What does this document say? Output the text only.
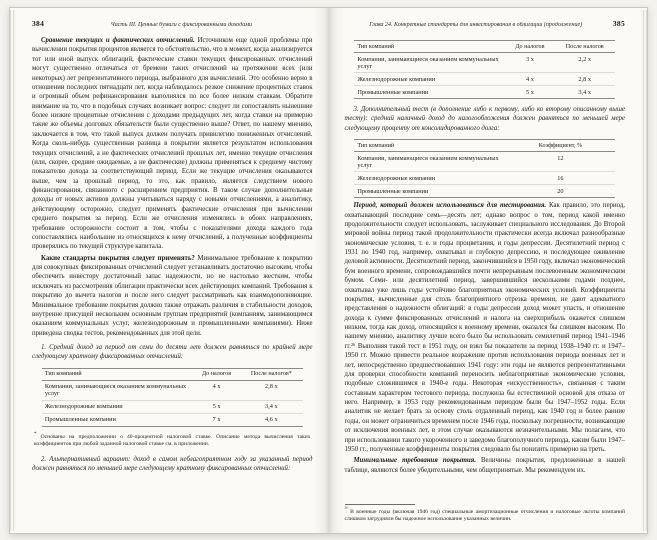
384	Часть III. Ценные бумаги с фиксированными доходами

Сравнение текущих и фактических отчислений. Источником еще одной проблемы при вычислении покрытия процентов является то обстоятельство, что в момент, когда анализируется тот или иной выпуск облигаций, фактические ставки текущих фиксированных отчислений могут существенно отличаться от бремени таких отчислений на протяжении всех (или некоторых) лет репрезентативного периода, выбранного для вычислений. Это особенно верно в отношении последних пятнадцати лет, когда наблюдалось резкое снижение процентных ставок и огромный объем рефинансирования выполнялся по все более низким ставкам. Обратите внимание на то, что в подобных случаях возникает вопрос: следует ли сопоставлять нынешние более низкие процентные отчисления с доходами предыдущих лет, когда ставки на примерно такие же объемы долговых обязательств были существенно выше? Ответ, по нашему мнению, заключается в том, что такой выпуск должен получать привилегию пониженных отчислений. Когда сколь-нибудь существенная разница в покрытии является результатом использования текущих отчислений, а не фактических отчислений прошлых лет, именно текущие отчисления (или, скорее, средние ожидаемые, а не фактические) должны применяться к среднему чистому показателю дохода за соответствующий период. Если же текущие отчисления оказываются выше, чем за прошлый период, то это, как правило, является следствием нового финансирования, связанного с расширением предприятия. В таком случае дополнительные доходы от новых активов должны учитываться наряду с новыми отчислениями, а аналитику, действующему осторожно, следует применять фактические отчисления при вычислении среднего покрытия за период. Если же отчисления изменялись в обоих направлениях, требование осторожности состоит в том, чтобы с показателями дохода каждого года сопоставлялись наибольшие из относящихся к нему отчислений, а полученные коэффициенты проверялись по текущей структуре капитала.

Какие стандарты покрытия следует применять? Минимальное требование к покрытию для совокупных фиксированных отчислений следует устанавливать достаточно высоким, чтобы обеспечить инвестору достаточный запас надежности, но не настолько жестким, чтобы исключать из рассмотрения облигации практически всех действующих компаний. Требования к покрытию до вычета налогов и после него следует рассматривать как взаимодополняющие. Минимальное требование покрытия должно также отражать различия в стабильности доходов, внутренне присущей нескольким основным группам предприятий (компаниям, занимающимся оказанием коммунальных услуг, железнодорожным и промышленными компаниями). Ниже приведена сводка тестов, рекомендованных для этой цели.

1. Средний доход за период от семи до десяти лет должен равняться по крайней мере следующему кратному фиксированных отчислений:

Тип компаний	До налогов	После налогов*
Компании, занимающиеся оказанием коммунальных услуг	4 х	2,8 х
Железнодорожные компании	5 х	3,4 х
Промышленные компании	7 х	4,6 х
* Основаны на предположении о 40-процентной налоговой ставке. Описание метода вычисления таких коэффициентов при любой заданной налоговой ставке см. в приложении.

2. Альтернативный вариант: доход в самом неблагоприятном году за указанный период должен равняться по меньшей мере следующему кратному фиксированных отчислений:

Глава 24. Конкретные стандарты для инвестирования в облигации (продолжение)	385
Тип компаний	До налогов	После налогов
Компании, занимающиеся оказанием коммунальных услуг	3 х	2,2 х
Железнодорожные компании	4 х	2,8 х
Промышленные компании	5 х	3,4 х

3. Дополнительный тест (в дополнение либо к первому, либо ко второму описанному выше тесту): средний наличный доход до налогообложения должен равняться по меньшей мере следующему проценту от консолидированного долга:

Тип компаний	Коэффициент, %
Компании, занимающиеся оказанием коммунальных услуг	12
Железнодорожные компании	16
Промышленные компании	20

Период, который должен использоваться для тестирования. Как правило, это период, охватывающий последние семь—десять лет; однако вопрос о том, период какой именно продолжительности следует использовать, заслуживает специального исследования. До Второй мировой войны период такой продолжительности практически всегда включал разнообразные экономические условия, т. е. и годы процветания, и годы депрессии. Десятилетний период с 1931 по 1940 год, например, охватывал и глубокую депрессию, и последующее оживление деловой активности. Десятилетний период, закончившийся в 1950 году, включал экономический бум военного времени, сопровождавшийся почти непрерывным послевоенным экономическим бумом. Семи- или десятилетний период, завершившийся несколькими годами позднее, охватывал уже лишь годы устойчиво благоприятных экономических условий. Коэффициенты покрытия, вычисленные для столь благоприятного отрезка времени, не дают адекватного представления о надежности облигаций: в годы депрессии доход может упасть, и отношение дохода к сумме фиксированных отчислений и налога на сверхприбыль окажется слишком низким, тогда как доход, относящийся к военному времени, оказался бы слишком высоким. По нашему мнению, аналитику лучше всего было бы использовать семилетний период 1941–1946 гг.²⁶ Выполняя такой тест в 1951 году, он взял бы показатели за период 1938–1940 гг. и 1947–1950 гг. Можно привести реальное возражение против использования периода военных лет и лет, непосредственно предшествовавших 1941 году: эти годы не являются репрезентативными для проверки способности компаний переносить неблагоприятные экономические условия, подобные сложившимся в 1940-е годы. Некоторая «искусственность», связанная с таким составным характером тестового периода, послужила бы естественной основой для отказа от него. Например, в 1953 году рекомендованным периодом были бы 1947–1952 годы. Если аналитик не желает брать за основу столь отдаленный период, как 1940 год и более ранние годы, он может ограничиться временем после 1946 года, поскольку погрешности, возникающие от исключения военных лет, в этом случае оказываются незначительными. Мы полагаем, что при использовании такого укороченного и заведомо благополучного периода, каким были 1947–1950 гг., полученные коэффициенты покрытия следовало бы понизить примерно на треть.

Минимальные требования покрытия. Величины покрытия, предложенные в нашей таблице, являются более убедительными, чем общепринятые. Мы рекомендуем их.

²⁶ В военные годы (включая 1946 год) специальные амортизационные отчисления и налоговые льготы компаний слишком затрудняли бы надежное использование указанных величин.
